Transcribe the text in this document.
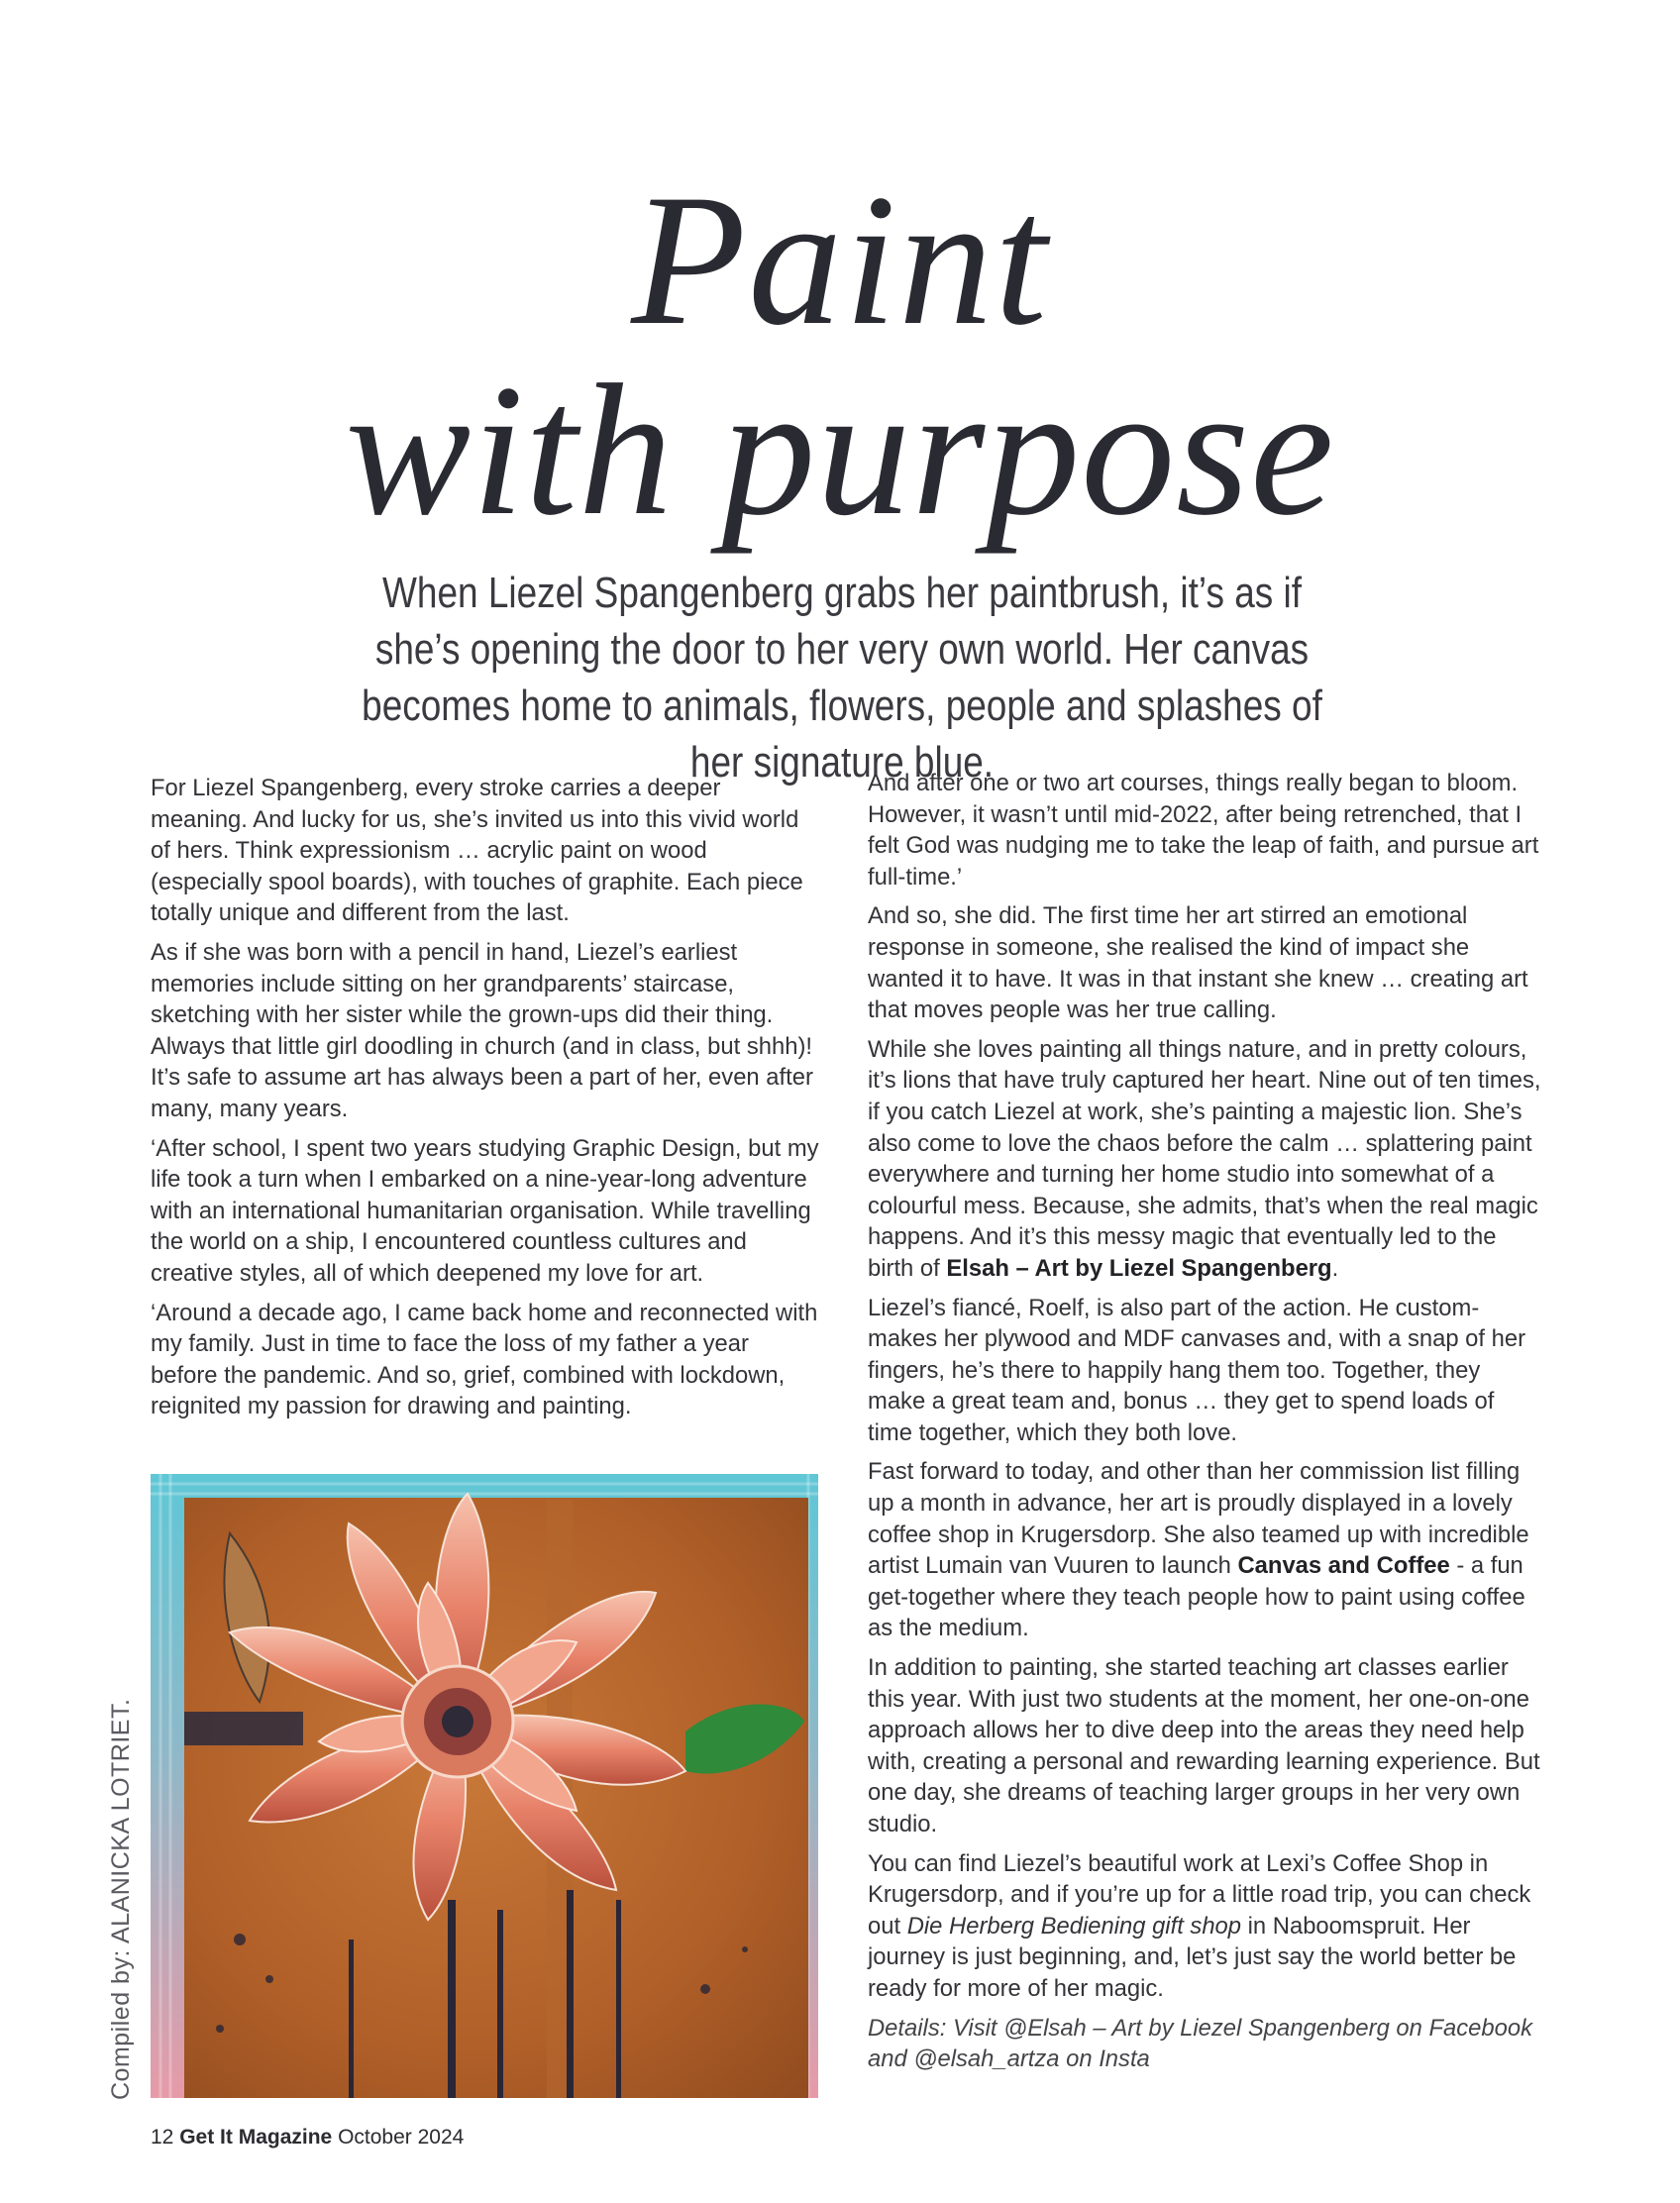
Paint
with purpose

When Liezel Spangenberg grabs her paintbrush, it’s as if she’s opening the door to her very own world. Her canvas becomes home to animals, flowers, people and splashes of her signature blue.

For Liezel Spangenberg, every stroke carries a deeper meaning. And lucky for us, she’s invited us into this vivid world of hers. Think expressionism … acrylic paint on wood (especially spool boards), with touches of graphite. Each piece totally unique and different from the last.

As if she was born with a pencil in hand, Liezel’s earliest memories include sitting on her grandparents’ staircase, sketching with her sister while the grown-ups did their thing. Always that little girl doodling in church (and in class, but shhh)! It’s safe to assume art has always been a part of her, even after many, many years.

‘After school, I spent two years studying Graphic Design, but my life took a turn when I embarked on a nine-year-long adventure with an international humanitarian organisation. While travelling the world on a ship, I encountered countless cultures and creative styles, all of which deepened my love for art.

‘Around a decade ago, I came back home and reconnected with my family. Just in time to face the loss of my father a year before the pandemic. And so, grief, combined with lockdown, reignited my passion for drawing and painting.

And after one or two art courses, things really began to bloom. However, it wasn’t until mid-2022, after being retrenched, that I felt God was nudging me to take the leap of faith, and pursue art full-time.’

And so, she did. The first time her art stirred an emotional response in someone, she realised the kind of impact she wanted it to have. It was in that instant she knew … creating art that moves people was her true calling.

While she loves painting all things nature, and in pretty colours, it’s lions that have truly captured her heart. Nine out of ten times, if you catch Liezel at work, she’s painting a majestic lion. She’s also come to love the chaos before the calm … splattering paint everywhere and turning her home studio into somewhat of a colourful mess. Because, she admits, that’s when the real magic happens. And it’s this messy magic that eventually led to the birth of Elsah – Art by Liezel Spangenberg.

Liezel’s fiancé, Roelf, is also part of the action. He custom-makes her plywood and MDF canvases and, with a snap of her fingers, he’s there to happily hang them too. Together, they make a great team and, bonus … they get to spend loads of time together, which they both love.

Fast forward to today, and other than her commission list filling up a month in advance, her art is proudly displayed in a lovely coffee shop in Krugersdorp. She also teamed up with incredible artist Lumain van Vuuren to launch Canvas and Coffee - a fun get-together where they teach people how to paint using coffee as the medium.

In addition to painting, she started teaching art classes earlier this year. With just two students at the moment, her one-on-one approach allows her to dive deep into the areas they need help with, creating a personal and rewarding learning experience. But one day, she dreams of teaching larger groups in her very own studio.

You can find Liezel’s beautiful work at Lexi’s Coffee Shop in Krugersdorp, and if you’re up for a little road trip, you can check out Die Herberg Bediening gift shop in Naboomspruit. Her journey is just beginning, and, let’s just say the world better be ready for more of her magic.

Details: Visit @Elsah – Art by Liezel Spangenberg on Facebook and @elsah_artza on Insta

Compiled by: ALANICKA LOTRIET.
12 Get It Magazine October 2024
